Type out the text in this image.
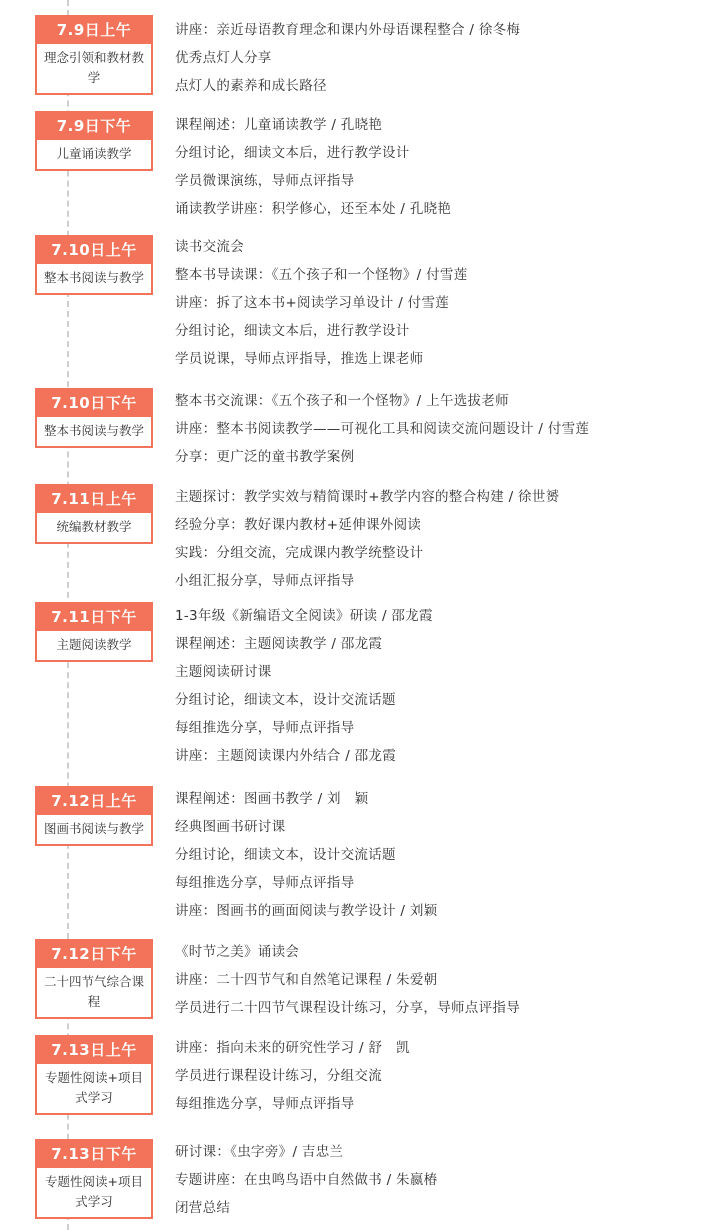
7.9日上午
理念引领和教材教学
讲座：亲近母语教育理念和课内外母语课程整合 / 徐冬梅
优秀点灯人分享
点灯人的素养和成长路径
7.9日下午
儿童诵读教学
课程阐述：儿童诵读教学 / 孔晓艳
分组讨论，细读文本后，进行教学设计
学员微课演练，导师点评指导
诵读教学讲座：积学修心，还至本处 / 孔晓艳
7.10日上午
整本书阅读与教学
读书交流会
整本书导读课：《五个孩子和一个怪物》/ 付雪莲
讲座：拆了这本书+阅读学习单设计 / 付雪莲
分组讨论，细读文本后，进行教学设计
学员说课，导师点评指导，推选上课老师
7.10日下午
整本书阅读与教学
整本书交流课：《五个孩子和一个怪物》/ 上午选拔老师
讲座：整本书阅读教学——可视化工具和阅读交流问题设计 / 付雪莲
分享：更广泛的童书教学案例
7.11日上午
统编教材教学
主题探讨：教学实效与精简课时+教学内容的整合构建 / 徐世赟
经验分享：教好课内教材+延伸课外阅读
实践：分组交流，完成课内教学统整设计
小组汇报分享，导师点评指导
7.11日下午
主题阅读教学
1-3年级《新编语文全阅读》研读 / 邵龙霞
课程阐述：主题阅读教学 / 邵龙霞
主题阅读研讨课
分组讨论，细读文本，设计交流话题
每组推选分享，导师点评指导
讲座：主题阅读课内外结合 / 邵龙霞
7.12日上午
图画书阅读与教学
课程阐述：图画书教学 / 刘　颖
经典图画书研讨课
分组讨论，细读文本，设计交流话题
每组推选分享，导师点评指导
讲座：图画书的画面阅读与教学设计 / 刘颖
7.12日下午
二十四节气综合课程
《时节之美》诵读会
讲座：二十四节气和自然笔记课程 / 朱爱朝
学员进行二十四节气课程设计练习，分享，导师点评指导
7.13日上午
专题性阅读+项目式学习
讲座：指向未来的研究性学习 / 舒　凯
学员进行课程设计练习，分组交流
每组推选分享，导师点评指导
7.13日下午
专题性阅读+项目式学习
研讨课：《虫字旁》/ 吉忠兰
专题讲座：在虫鸣鸟语中自然做书 / 朱嬴椿
闭营总结
